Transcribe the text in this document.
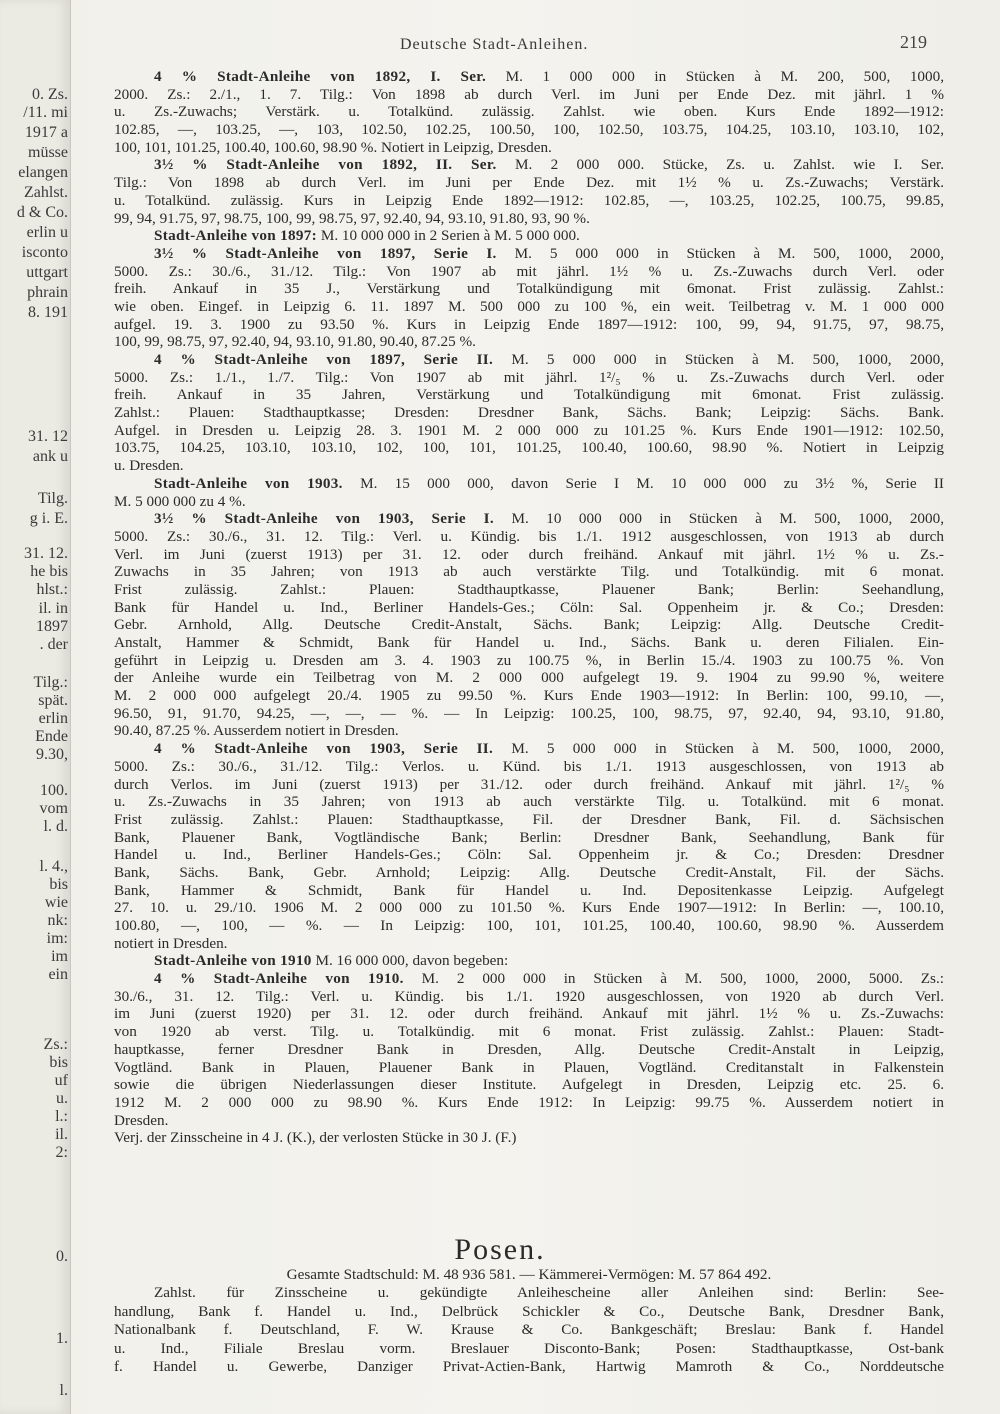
0. Zs.
/11. mi
1917 a
müsse
elangen
Zahlst.
d & Co.
erlin u
isconto
uttgart
phrain
8. 191
31. 12
ank u
Tilg.
g i. E.
31. 12.
he bis
hlst.:
il. in
1897
. der
Tilg.:
spät.
erlin
Ende
9.30,
100.
vom
l. d.
l. 4.,
bis
wie
nk:
im:
im
ein
Zs.:
bis
uf
u.
l.:
il.
2:
0.
1.
l.
Deutsche Stadt-Anleihen.	219
4 % Stadt-Anleihe von 1892, I. Ser. M. 1 000 000 in Stücken à M. 200, 500, 1000,
2000. Zs.: 2./1., 1. 7. Tilg.: Von 1898 ab durch Verl. im Juni per Ende Dez. mit jährl. 1 %
u. Zs.-Zuwachs; Verstärk. u. Totalkünd. zulässig. Zahlst. wie oben. Kurs Ende 1892—1912:
102.85, —, 103.25, —, 103, 102.50, 102.25, 100.50, 100, 102.50, 103.75, 104.25, 103.10, 103.10, 102,
100, 101, 101.25, 100.40, 100.60, 98.90 %. Notiert in Leipzig, Dresden.
3½ % Stadt-Anleihe von 1892, II. Ser. M. 2 000 000. Stücke, Zs. u. Zahlst. wie I. Ser.
Tilg.: Von 1898 ab durch Verl. im Juni per Ende Dez. mit 1½ % u. Zs.-Zuwachs; Verstärk.
u. Totalkünd. zulässig. Kurs in Leipzig Ende 1892—1912: 102.85, —, 103.25, 102.25, 100.75, 99.85,
99, 94, 91.75, 97, 98.75, 100, 99, 98.75, 97, 92.40, 94, 93.10, 91.80, 93, 90 %.
Stadt-Anleihe von 1897: M. 10 000 000 in 2 Serien à M. 5 000 000.
3½ % Stadt-Anleihe von 1897, Serie I. M. 5 000 000 in Stücken à M. 500, 1000, 2000,
5000. Zs.: 30./6., 31./12. Tilg.: Von 1907 ab mit jährl. 1½ % u. Zs.-Zuwachs durch Verl. oder
freih. Ankauf in 35 J., Verstärkung und Totalkündigung mit 6monat. Frist zulässig. Zahlst.:
wie oben. Eingef. in Leipzig 6. 11. 1897 M. 500 000 zu 100 %, ein weit. Teilbetrag v. M. 1 000 000
aufgel. 19. 3. 1900 zu 93.50 %. Kurs in Leipzig Ende 1897—1912: 100, 99, 94, 91.75, 97, 98.75,
100, 99, 98.75, 97, 92.40, 94, 93.10, 91.80, 90.40, 87.25 %.
4 % Stadt-Anleihe von 1897, Serie II. M. 5 000 000 in Stücken à M. 500, 1000, 2000,
5000. Zs.: 1./1., 1./7. Tilg.: Von 1907 ab mit jährl. 1²/₅ % u. Zs.-Zuwachs durch Verl. oder
freih. Ankauf in 35 Jahren, Verstärkung und Totalkündigung mit 6monat. Frist zulässig.
Zahlst.: Plauen: Stadthauptkasse; Dresden: Dresdner Bank, Sächs. Bank; Leipzig: Sächs. Bank.
Aufgel. in Dresden u. Leipzig 28. 3. 1901 M. 2 000 000 zu 101.25 %. Kurs Ende 1901—1912: 102.50,
103.75, 104.25, 103.10, 103.10, 102, 100, 101, 101.25, 100.40, 100.60, 98.90 %. Notiert in Leipzig
u. Dresden.
Stadt-Anleihe von 1903. M. 15 000 000, davon Serie I M. 10 000 000 zu 3½ %, Serie II
M. 5 000 000 zu 4 %.
3½ % Stadt-Anleihe von 1903, Serie I. M. 10 000 000 in Stücken à M. 500, 1000, 2000,
5000. Zs.: 30./6., 31. 12. Tilg.: Verl. u. Kündig. bis 1./1. 1912 ausgeschlossen, von 1913 ab durch
Verl. im Juni (zuerst 1913) per 31. 12. oder durch freihänd. Ankauf mit jährl. 1½ % u. Zs.-
Zuwachs in 35 Jahren; von 1913 ab auch verstärkte Tilg. und Totalkündig. mit 6 monat.
Frist zulässig. Zahlst.: Plauen: Stadthauptkasse, Plauener Bank; Berlin: Seehandlung,
Bank für Handel u. Ind., Berliner Handels-Ges.; Cöln: Sal. Oppenheim jr. & Co.; Dresden:
Gebr. Arnhold, Allg. Deutsche Credit-Anstalt, Sächs. Bank; Leipzig: Allg. Deutsche Credit-
Anstalt, Hammer & Schmidt, Bank für Handel u. Ind., Sächs. Bank u. deren Filialen. Ein-
geführt in Leipzig u. Dresden am 3. 4. 1903 zu 100.75 %, in Berlin 15./4. 1903 zu 100.75 %. Von
der Anleihe wurde ein Teilbetrag von M. 2 000 000 aufgelegt 19. 9. 1904 zu 99.90 %, weitere
M. 2 000 000 aufgelegt 20./4. 1905 zu 99.50 %. Kurs Ende 1903—1912: In Berlin: 100, 99.10, —,
96.50, 91, 91.70, 94.25, —, —, — %. — In Leipzig: 100.25, 100, 98.75, 97, 92.40, 94, 93.10, 91.80,
90.40, 87.25 %. Ausserdem notiert in Dresden.
4 % Stadt-Anleihe von 1903, Serie II. M. 5 000 000 in Stücken à M. 500, 1000, 2000,
5000. Zs.: 30./6., 31./12. Tilg.: Verlos. u. Künd. bis 1./1. 1913 ausgeschlossen, von 1913 ab
durch Verlos. im Juni (zuerst 1913) per 31./12. oder durch freihänd. Ankauf mit jährl. 1²/₅ %
u. Zs.-Zuwachs in 35 Jahren; von 1913 ab auch verstärkte Tilg. u. Totalkünd. mit 6 monat.
Frist zulässig. Zahlst.: Plauen: Stadthauptkasse, Fil. der Dresdner Bank, Fil. d. Sächsischen
Bank, Plauener Bank, Vogtländische Bank; Berlin: Dresdner Bank, Seehandlung, Bank für
Handel u. Ind., Berliner Handels-Ges.; Cöln: Sal. Oppenheim jr. & Co.; Dresden: Dresdner
Bank, Sächs. Bank, Gebr. Arnhold; Leipzig: Allg. Deutsche Credit-Anstalt, Fil. der Sächs.
Bank, Hammer & Schmidt, Bank für Handel u. Ind. Depositenkasse Leipzig. Aufgelegt
27. 10. u. 29./10. 1906 M. 2 000 000 zu 101.50 %. Kurs Ende 1907—1912: In Berlin: —, 100.10,
100.80, —, 100, — %. — In Leipzig: 100, 101, 101.25, 100.40, 100.60, 98.90 %. Ausserdem
notiert in Dresden.
Stadt-Anleihe von 1910 M. 16 000 000, davon begeben:
4 % Stadt-Anleihe von 1910. M. 2 000 000 in Stücken à M. 500, 1000, 2000, 5000. Zs.:
30./6., 31. 12. Tilg.: Verl. u. Kündig. bis 1./1. 1920 ausgeschlossen, von 1920 ab durch Verl.
im Juni (zuerst 1920) per 31. 12. oder durch freihänd. Ankauf mit jährl. 1½ % u. Zs.-Zuwachs:
von 1920 ab verst. Tilg. u. Totalkündig. mit 6 monat. Frist zulässig. Zahlst.: Plauen: Stadt-
hauptkasse, ferner Dresdner Bank in Dresden, Allg. Deutsche Credit-Anstalt in Leipzig,
Vogtländ. Bank in Plauen, Plauener Bank in Plauen, Vogtländ. Creditanstalt in Falkenstein
sowie die übrigen Niederlassungen dieser Institute. Aufgelegt in Dresden, Leipzig etc. 25. 6.
1912 M. 2 000 000 zu 98.90 %. Kurs Ende 1912: In Leipzig: 99.75 %. Ausserdem notiert in
Dresden.
Verj. der Zinsscheine in 4 J. (K.), der verlosten Stücke in 30 J. (F.)
Posen.
Gesamte Stadtschuld: M. 48 936 581. — Kämmerei-Vermögen: M. 57 864 492.
Zahlst. für Zinsscheine u. gekündigte Anleihescheine aller Anleihen sind: Berlin: See-
handlung, Bank f. Handel u. Ind., Delbrück Schickler & Co., Deutsche Bank, Dresdner Bank,
Nationalbank f. Deutschland, F. W. Krause & Co. Bankgeschäft; Breslau: Bank f. Handel
u. Ind., Filiale Breslau vorm. Breslauer Disconto-Bank; Posen: Stadthauptkasse, Ost-bank
f. Handel u. Gewerbe, Danziger Privat-Actien-Bank, Hartwig Mamroth & Co., Norddeutsche
